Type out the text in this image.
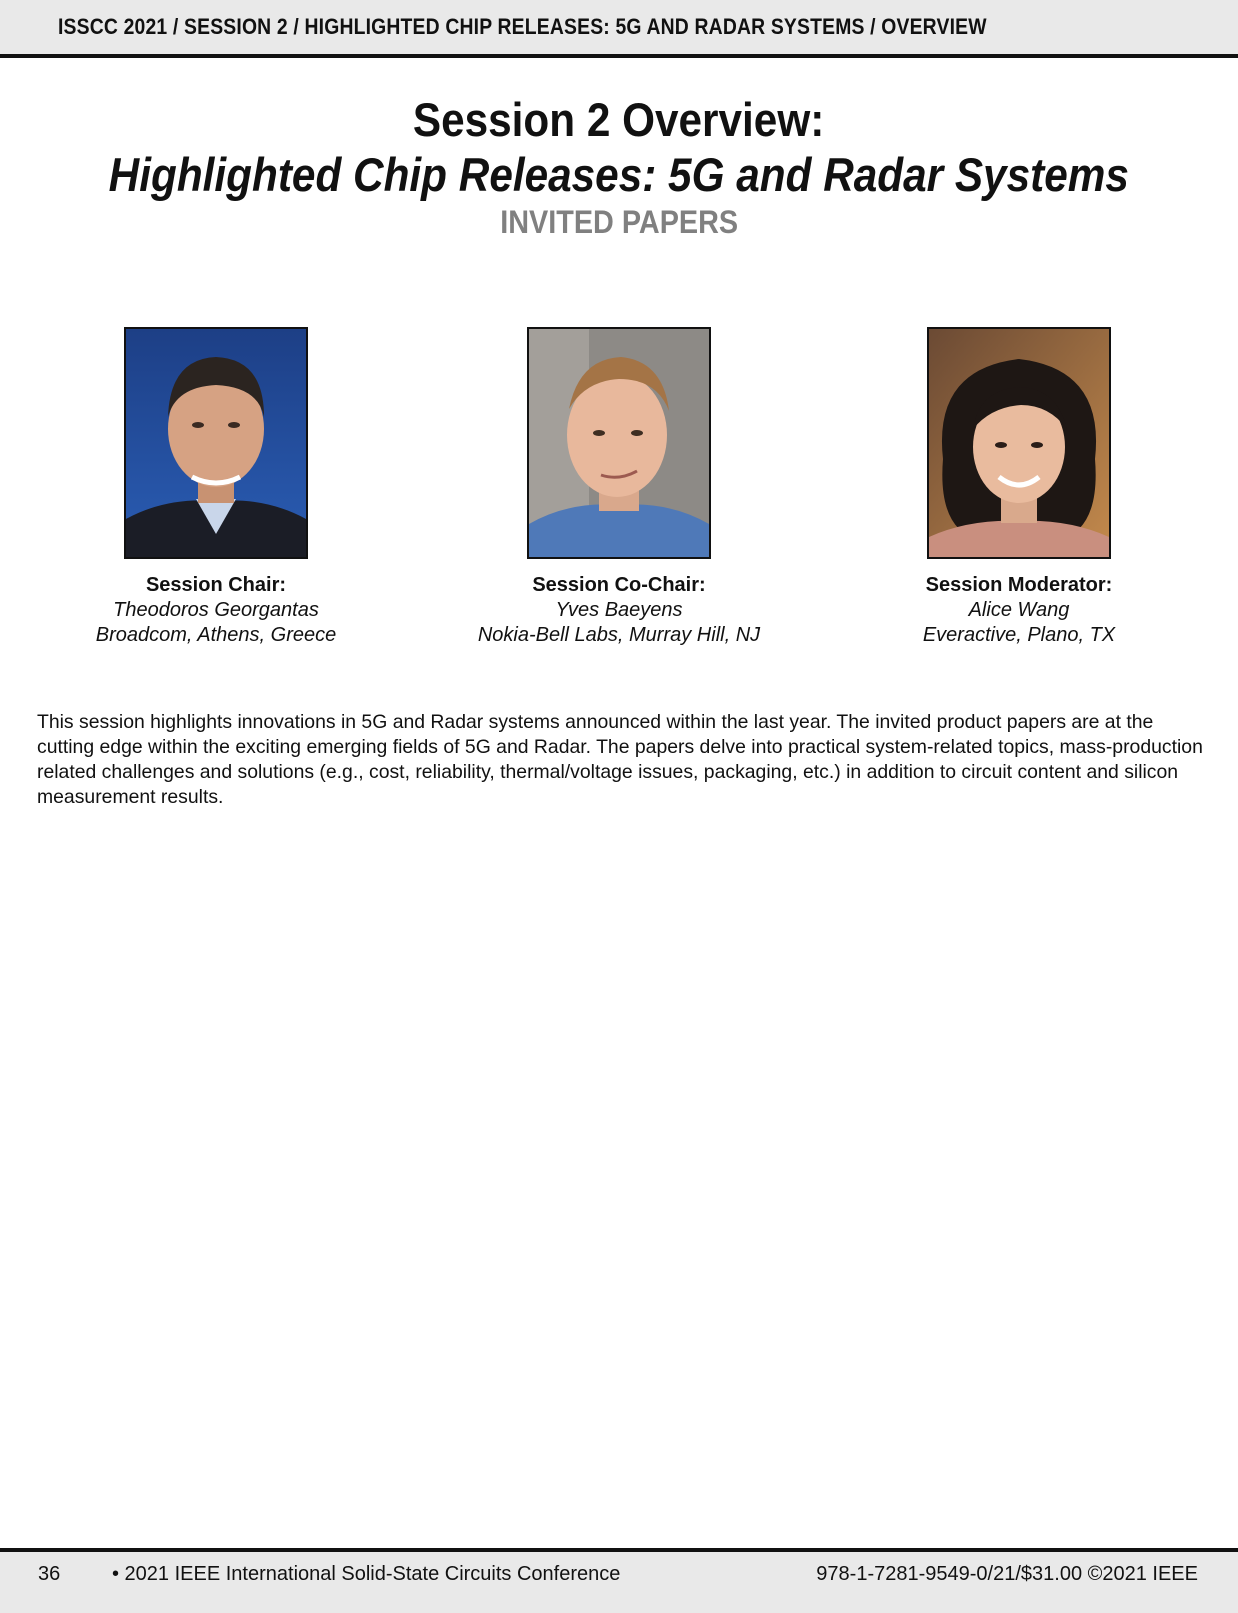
ISSCC 2021 / SESSION 2 / HIGHLIGHTED CHIP RELEASES: 5G AND RADAR SYSTEMS / OVERVIEW
Session 2 Overview:
Highlighted Chip Releases: 5G and Radar Systems
INVITED PAPERS
Session Chair:
Theodoros Georgantas
Broadcom, Athens, Greece
Session Co-Chair:
Yves Baeyens
Nokia-Bell Labs, Murray Hill, NJ
Session Moderator:
Alice Wang
Everactive, Plano, TX
This session highlights innovations in 5G and Radar systems announced within the last year. The invited product papers are at the cutting edge within the exciting emerging fields of 5G and Radar. The papers delve into practical system-related topics, mass-production related challenges and solutions (e.g., cost, reliability, thermal/voltage issues, packaging, etc.) in addition to circuit content and silicon measurement results.
36	• 2021 IEEE International Solid-State Circuits Conference	978-1-7281-9549-0/21/$31.00 ©2021 IEEE
